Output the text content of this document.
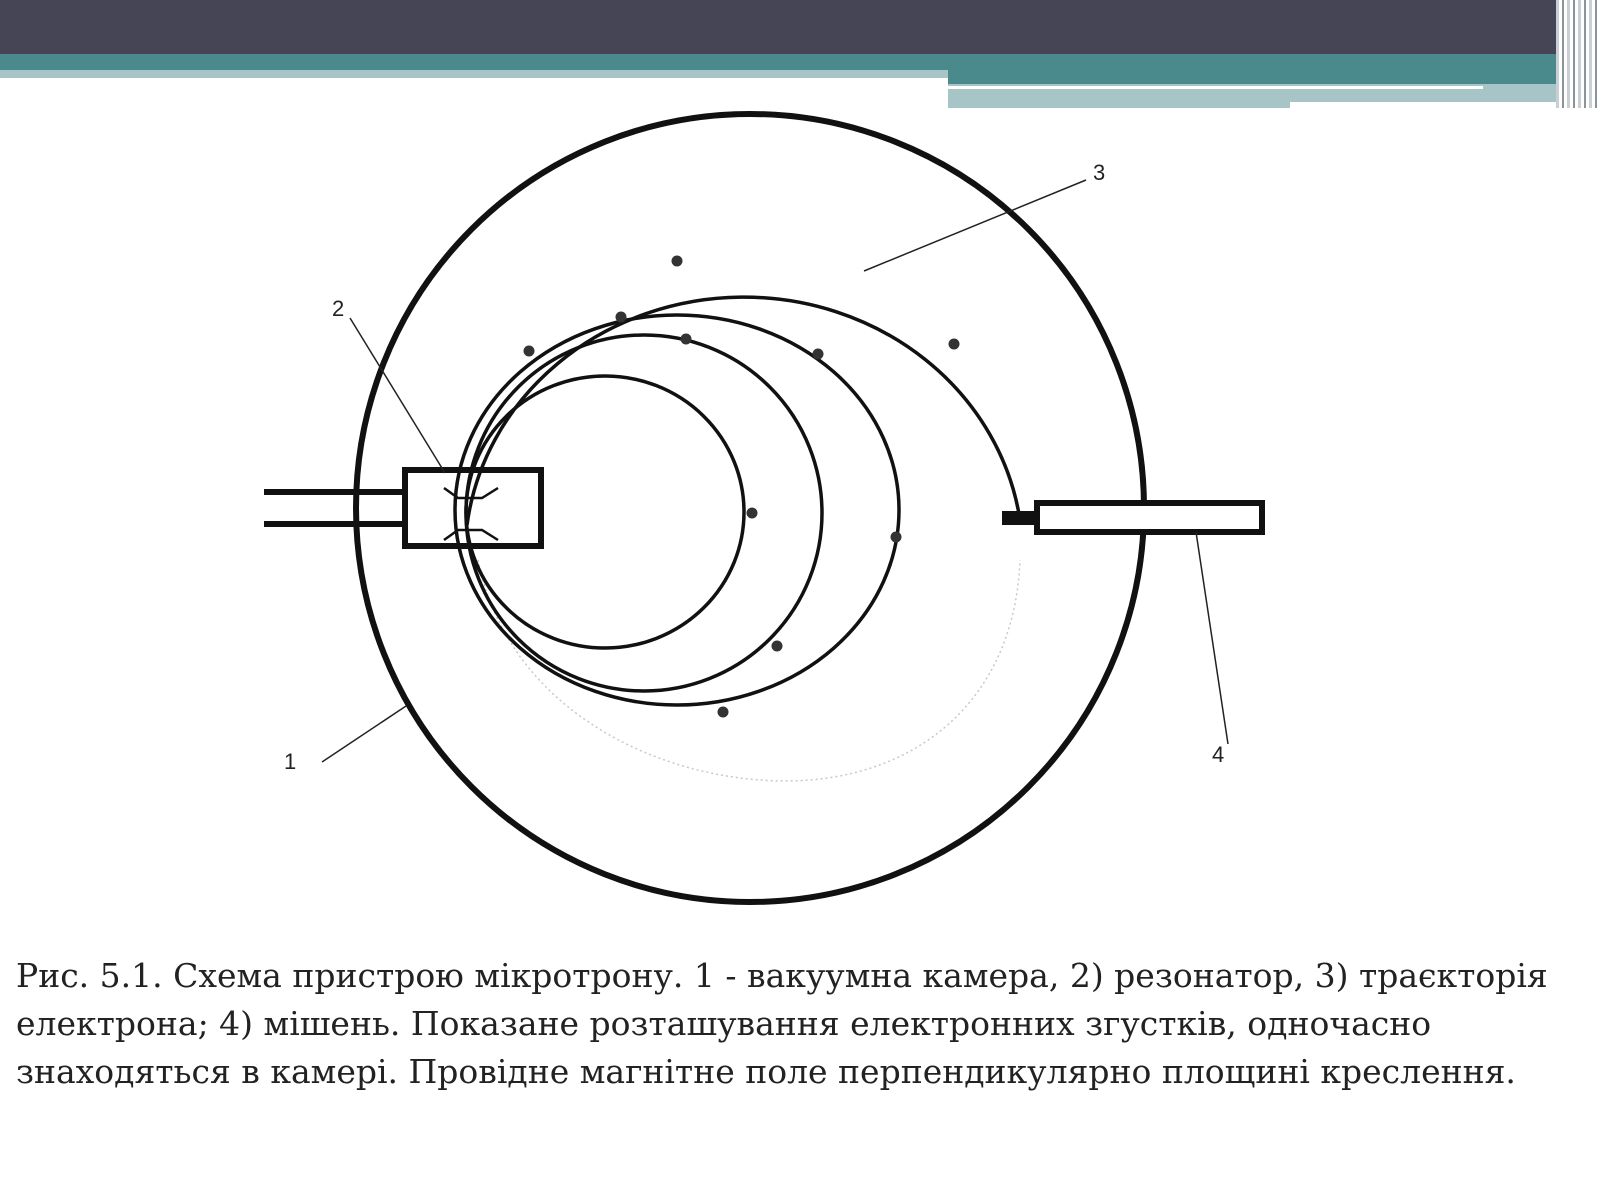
1
2
3
4
Рис. 5.1. Схема пристрою мікротрону. 1 - вакуумна камера, 2) резонатор, 3) траєкторія електрона; 4) мішень. Показане розташування електронних згустків, одночасно знаходяться в камері. Провідне магнітне поле перпендикулярно площині креслення.
